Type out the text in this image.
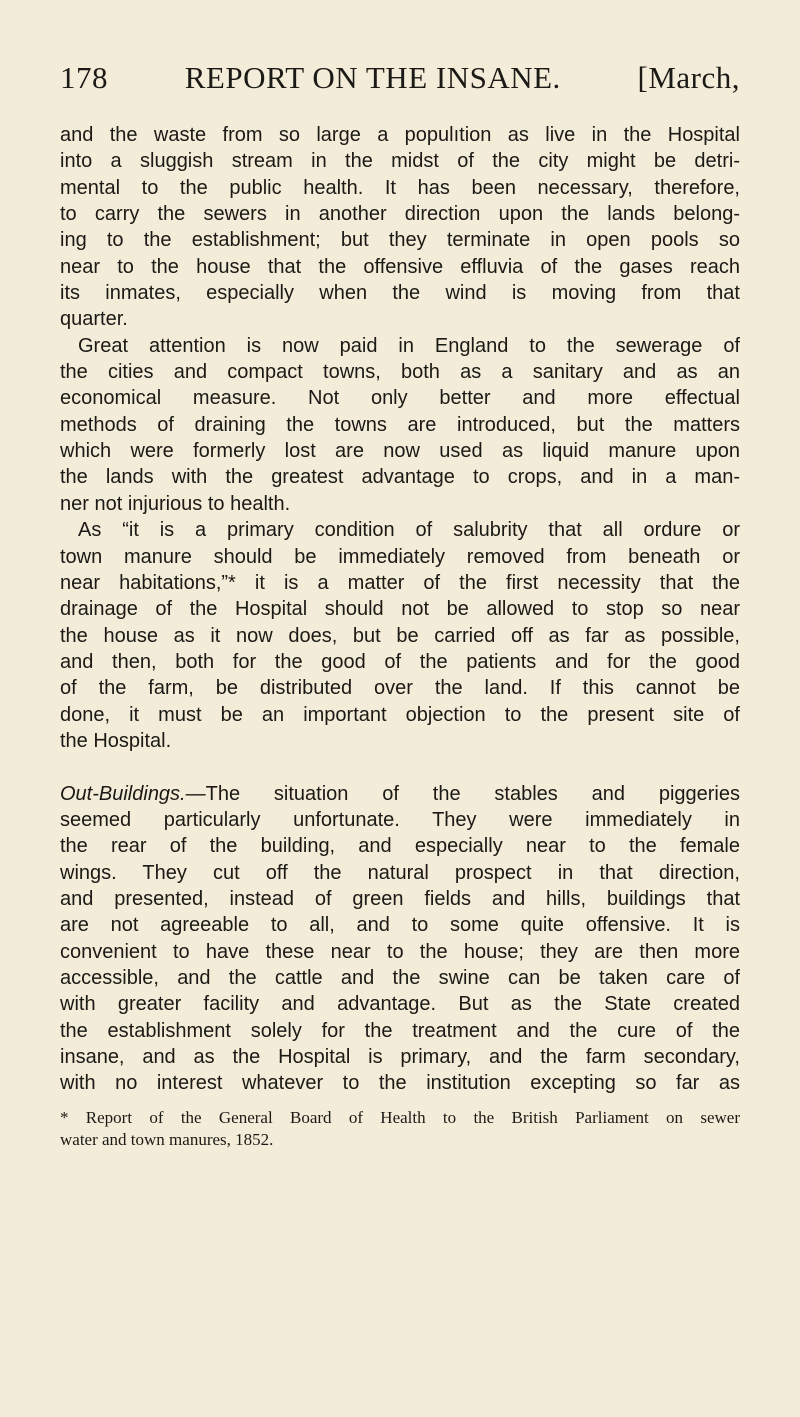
178 REPORT ON THE INSANE. [March,
and the waste from so large a populıtion as live in the Hospital
into a sluggish stream in the midst of the city might be detri-
mental to the public health. It has been necessary, therefore,
to carry the sewers in another direction upon the lands belong-
ing to the establishment; but they terminate in open pools so
near to the house that the offensive effluvia of the gases reach
its inmates, especially when the wind is moving from that
quarter.
Great attention is now paid in England to the sewerage of
the cities and compact towns, both as a sanitary and as an
economical measure. Not only better and more effectual
methods of draining the towns are introduced, but the matters
which were formerly lost are now used as liquid manure upon
the lands with the greatest advantage to crops, and in a man-
ner not injurious to health.
As “it is a primary condition of salubrity that all ordure or
town manure should be immediately removed from beneath or
near habitations,”* it is a matter of the first necessity that the
drainage of the Hospital should not be allowed to stop so near
the house as it now does, but be carried off as far as possible,
and then, both for the good of the patients and for the good
of the farm, be distributed over the land. If this cannot be
done, it must be an important objection to the present site of
the Hospital.
Out-Buildings.—The situation of the stables and piggeries
seemed particularly unfortunate. They were immediately in
the rear of the building, and especially near to the female
wings. They cut off the natural prospect in that direction,
and presented, instead of green fields and hills, buildings that
are not agreeable to all, and to some quite offensive. It is
convenient to have these near to the house; they are then more
accessible, and the cattle and the swine can be taken care of
with greater facility and advantage. But as the State created
the establishment solely for the treatment and the cure of the
insane, and as the Hospital is primary, and the farm secondary,
with no interest whatever to the institution excepting so far as
* Report of the General Board of Health to the British Parliament on sewer
water and town manures, 1852.
